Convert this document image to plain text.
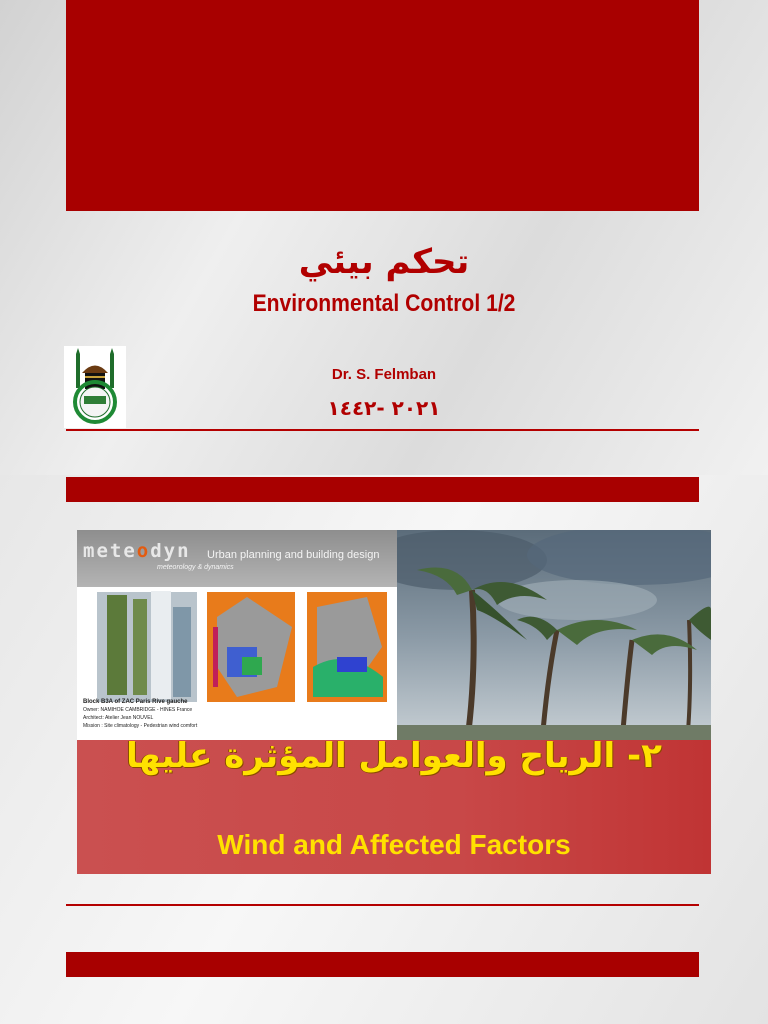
تحكم بيئي
Environmental Control 1/2
Dr. S. Felmban
٢٠٢١ -١٤٤٢
meteodyn
meteorology & dynamics
Urban planning and building design
Block B3A of ZAC Paris Rive gauche
Owner: NAMIHOE CAMBRIDGE - HINES France
Architect: Atelier Jean NOUVEL
Mission : Site climatology - Pedestrian wind comfort
٢- الرياح والعوامل المؤثرة عليها
Wind and Affected Factors
